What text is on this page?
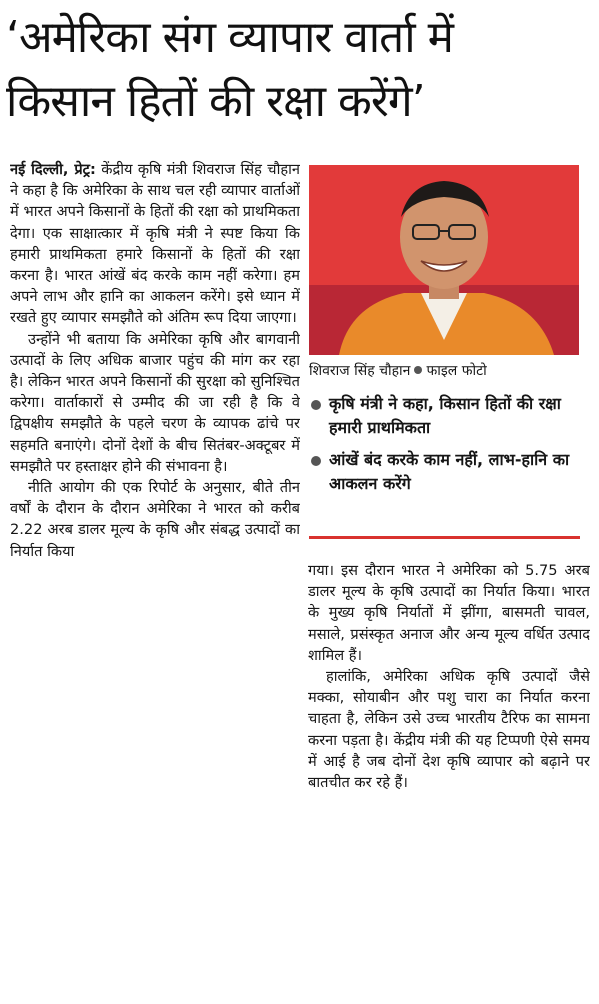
‘अमेरिका संग व्यापार वार्ता में
किसान हितों की रक्षा करेंगे’

नई दिल्ली, प्रेट्र: केंद्रीय कृषि मंत्री शिवराज सिंह चौहान ने कहा है कि अमेरिका के साथ चल रही व्यापार वार्ताओं में भारत अपने किसानों के हितों की रक्षा को प्राथमिकता देगा। एक साक्षात्कार में कृषि मंत्री ने स्पष्ट किया कि हमारी प्राथमिकता हमारे किसानों के हितों की रक्षा करना है। भारत आंखें बंद करके काम नहीं करेगा। हम अपने लाभ और हानि का आकलन करेंगे। इसे ध्यान में रखते हुए व्यापार समझौते को अंतिम रूप दिया जाएगा।

उन्होंने भी बताया कि अमेरिका कृषि और बागवानी उत्पादों के लिए अधिक बाजार पहुंच की मांग कर रहा है। लेकिन भारत अपने किसानों की सुरक्षा को सुनिश्चित करेगा। वार्ताकारों से उम्मीद की जा रही है कि वे द्विपक्षीय समझौते के पहले चरण के व्यापक ढांचे पर सहमति बनाएंगे। दोनों देशों के बीच सितंबर-अक्टूबर में समझौते पर हस्ताक्षर होने की संभावना है।

नीति आयोग की एक रिपोर्ट के अनुसार, बीते तीन वर्षों के दौरान के दौरान अमेरिका ने भारत को करीब 2.22 अरब डालर मूल्य के कृषि और संबद्ध उत्पादों का निर्यात किया

शिवराज सिंह चौहान फाइल फोटो
कृषि मंत्री ने कहा, किसान हितों की रक्षा हमारी प्राथमिकता
आंखें बंद करके काम नहीं, लाभ-हानि का आकलन करेंगे

गया। इस दौरान भारत ने अमेरिका को 5.75 अरब डालर मूल्य के कृषि उत्पादों का निर्यात किया। भारत के मुख्य कृषि निर्यातों में झींगा, बासमती चावल, मसाले, प्रसंस्कृत अनाज और अन्य मूल्य वर्धित उत्पाद शामिल हैं।

हालांकि, अमेरिका अधिक कृषि उत्पादों जैसे मक्का, सोयाबीन और पशु चारा का निर्यात करना चाहता है, लेकिन उसे उच्च भारतीय टैरिफ का सामना करना पड़ता है। केंद्रीय मंत्री की यह टिप्पणी ऐसे समय में आई है जब दोनों देश कृषि व्यापार को बढ़ाने पर बातचीत कर रहे हैं।
